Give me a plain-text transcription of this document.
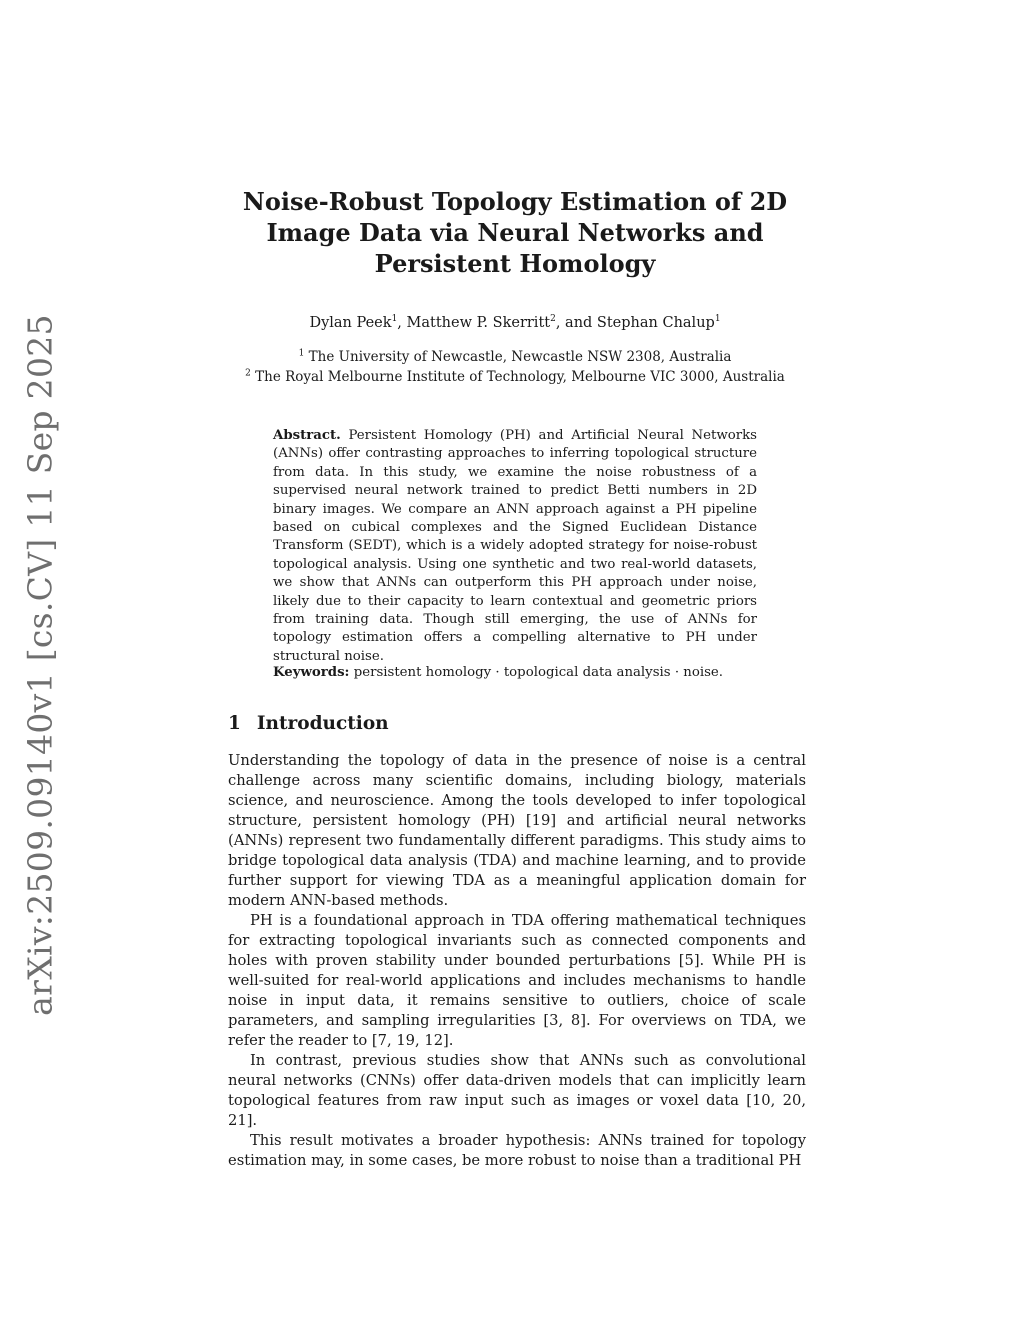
arXiv:2509.09140v1 [cs.CV] 11 Sep 2025
Noise-Robust Topology Estimation of 2D Image Data via Neural Networks and Persistent Homology
Dylan Peek$^1$, Matthew P. Skerritt$^2$, and Stephan Chalup$^1$
$^1$ The University of Newcastle, Newcastle NSW 2308, Australia
$^2$ The Royal Melbourne Institute of Technology, Melbourne VIC 3000, Australia
Abstract. Persistent Homology (PH) and Artificial Neural Networks (ANNs) offer contrasting approaches to inferring topological structure from data. In this study, we examine the noise robustness of a supervised neural network trained to predict Betti numbers in 2D binary images. We compare an ANN approach against a PH pipeline based on cubical complexes and the Signed Euclidean Distance Transform (SEDT), which is a widely adopted strategy for noise-robust topological analysis. Using one synthetic and two real-world datasets, we show that ANNs can outperform this PH approach under noise, likely due to their capacity to learn contextual and geometric priors from training data. Though still emerging, the use of ANNs for topology estimation offers a compelling alternative to PH under structural noise.
Keywords: persistent homology · topological data analysis · noise.
1 Introduction

Understanding the topology of data in the presence of noise is a central challenge across many scientific domains, including biology, materials science, and neuroscience. Among the tools developed to infer topological structure, persistent homology (PH) [19] and artificial neural networks (ANNs) represent two fundamentally different paradigms. This study aims to bridge topological data analysis (TDA) and machine learning, and to provide further support for viewing TDA as a meaningful application domain for modern ANN-based methods.

PH is a foundational approach in TDA offering mathematical techniques for extracting topological invariants such as connected components and holes with proven stability under bounded perturbations [5]. While PH is well-suited for real-world applications and includes mechanisms to handle noise in input data, it remains sensitive to outliers, choice of scale parameters, and sampling irregularities [3, 8]. For overviews on TDA, we refer the reader to [7, 19, 12].

In contrast, previous studies show that ANNs such as convolutional neural networks (CNNs) offer data-driven models that can implicitly learn topological features from raw input such as images or voxel data [10, 20, 21].

This result motivates a broader hypothesis: ANNs trained for topology estimation may, in some cases, be more robust to noise than a traditional PH
